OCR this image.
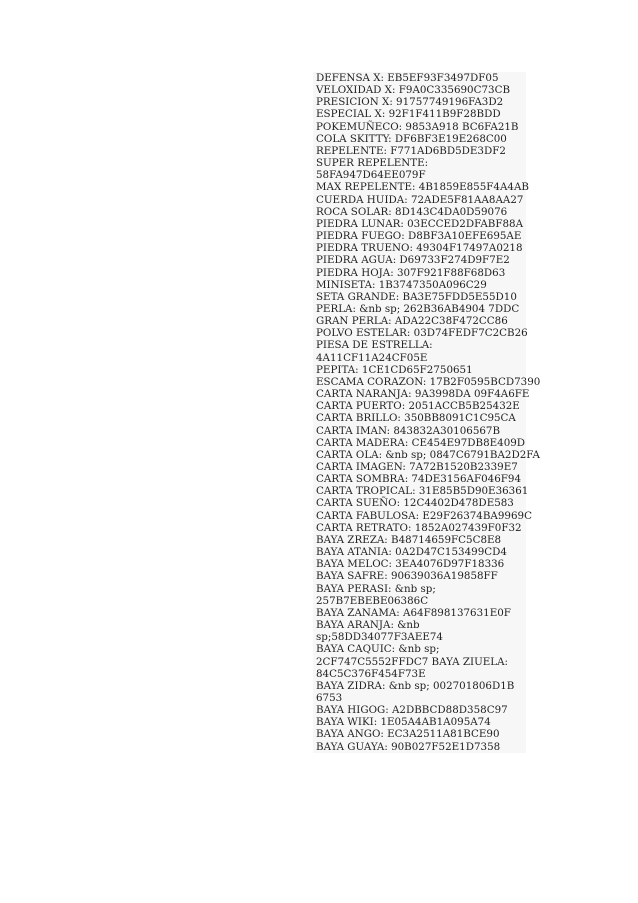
DEFENSA X: EB5EF93F3497DF05
VELOXIDAD X: F9A0C335690C73CB
PRESICION X: 91757749196FA3D2
ESPECIAL X: 92F1F411B9F28BDD
POKEMUÑECO: 9853A918 BC6FA21B
COLA SKITTY: DF6BF3E19E268C00
REPELENTE: F771AD6BD5DE3DF2
SUPER REPELENTE:
58FA947D64EE079F
MAX REPELENTE: 4B1859E855F4A4AB
CUERDA HUIDA: 72ADE5F81AA8AA27
ROCA SOLAR: 8D143C4DA0D59076
PIEDRA LUNAR: 03ECCED2DFABF88A
PIEDRA FUEGO: D8BF3A10EFE695AE
PIEDRA TRUENO: 49304F17497A0218
PIEDRA AGUA: D69733F274D9F7E2
PIEDRA HOJA: 307F921F88F68D63
MINISETA: 1B3747350A096C29
SETA GRANDE: BA3E75FDD5E55D10
PERLA: &nb sp; 262B36AB4904 7DDC
GRAN PERLA: ADA22C38F472CC86
POLVO ESTELAR: 03D74FEDF7C2CB26
PIESA DE ESTRELLA:
4A11CF11A24CF05E
PEPITA: 1CE1CD65F2750651
ESCAMA CORAZON: 17B2F0595BCD7390
CARTA NARANJA: 9A3998DA 09F4A6FE
CARTA PUERTO: 2051ACCB5B25432E
CARTA BRILLO: 350BB8091C1C95CA
CARTA IMAN: 843832A30106567B
CARTA MADERA: CE454E97DB8E409D
CARTA OLA: &nb sp; 0847C6791BA2D2FA
CARTA IMAGEN: 7A72B1520B2339E7
CARTA SOMBRA: 74DE3156AF046F94
CARTA TROPICAL: 31E85B5D90E36361
CARTA SUEÑO: 12C4402D478DE583
CARTA FABULOSA: E29F26374BA9969C
CARTA RETRATO: 1852A027439F0F32
BAYA ZREZA: B48714659FC5C8E8
BAYA ATANIA: 0A2D47C153499CD4
BAYA MELOC: 3EA4076D97F18336
BAYA SAFRE: 90639036A19858FF
BAYA PERASI: &nb sp;
257B7EBEBE06386C
BAYA ZANAMA: A64F898137631E0F
BAYA ARANJA: &nb
sp;58DD34077F3AEE74
BAYA CAQUIC: &nb sp;
2CF747C5552FFDC7 BAYA ZIUELA:
84C5C376F454F73E
BAYA ZIDRA: &nb sp; 002701806D1B
6753
BAYA HIGOG: A2DBBCD88D358C97
BAYA WIKI: 1E05A4AB1A095A74
BAYA ANGO: EC3A2511A81BCE90
BAYA GUAYA: 90B027F52E1D7358
